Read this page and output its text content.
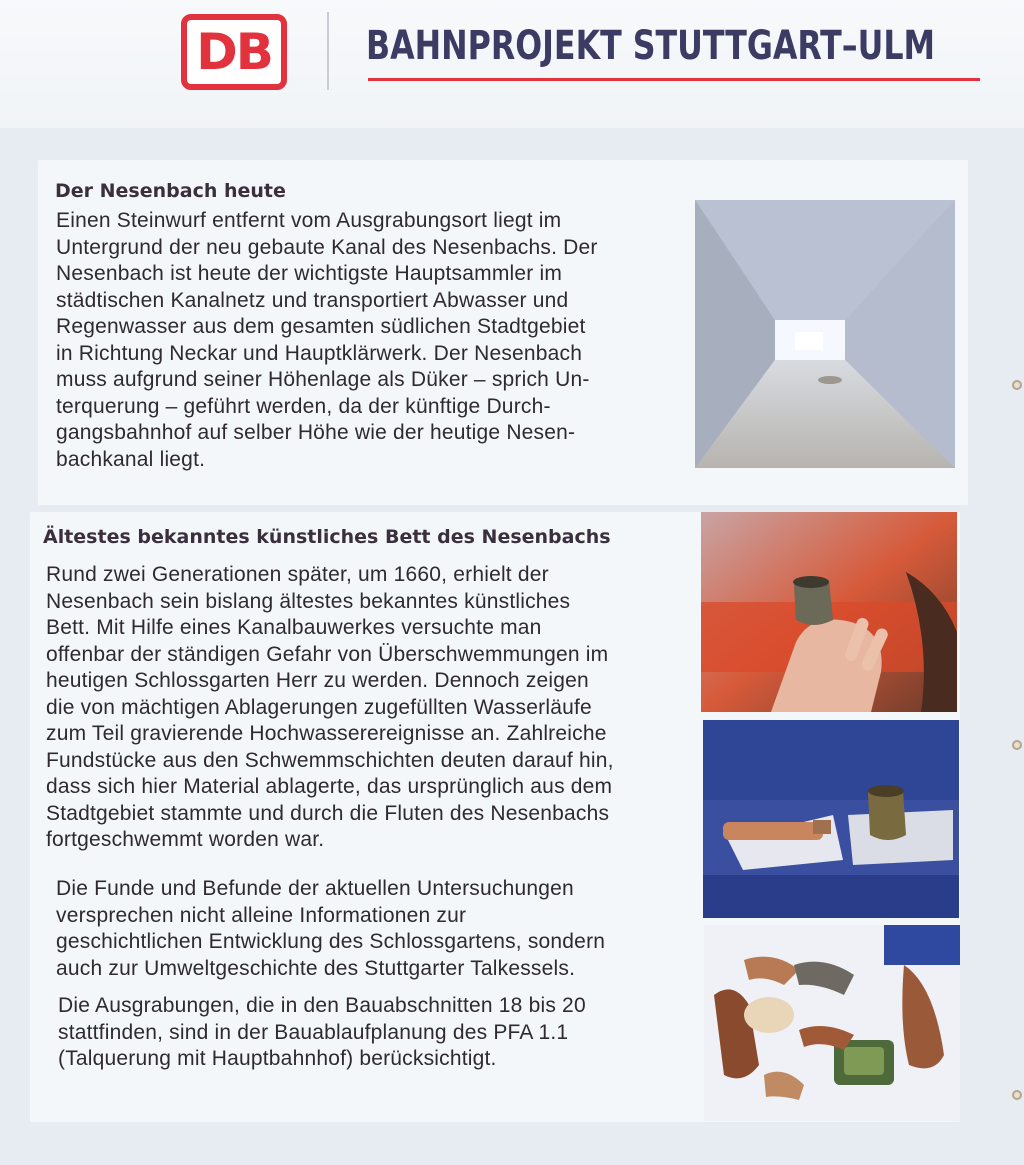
DB BAHNPROJEKT STUTTGART–ULM
Der Nesenbach heute
Einen Steinwurf entfernt vom Ausgrabungsort liegt im
Untergrund der neu gebaute Kanal des Nesenbachs. Der
Nesenbach ist heute der wichtigste Hauptsammler im
städtischen Kanalnetz und transportiert Abwasser und
Regenwasser aus dem gesamten südlichen Stadtgebiet
in Richtung Neckar und Hauptklärwerk. Der Nesenbach
muss aufgrund seiner Höhenlage als Düker – sprich Un-
terquerung – geführt werden, da der künftige Durch-
gangsbahnhof auf selber Höhe wie der heutige Nesen-
bachkanal liegt.
Ältestes bekanntes künstliches Bett des Nesenbachs
Rund zwei Generationen später, um 1660, erhielt der
Nesenbach sein bislang ältestes bekanntes künstliches
Bett. Mit Hilfe eines Kanalbauwerkes versuchte man
offenbar der ständigen Gefahr von Überschwemmungen im
heutigen Schlossgarten Herr zu werden. Dennoch zeigen
die von mächtigen Ablagerungen zugefüllten Wasserläufe
zum Teil gravierende Hochwasserereignisse an. Zahlreiche
Fundstücke aus den Schwemmschichten deuten darauf hin,
dass sich hier Material ablagerte, das ursprünglich aus dem
Stadtgebiet stammte und durch die Fluten des Nesenbachs
fortgeschwemmt worden war.
Die Funde und Befunde der aktuellen Untersuchungen
versprechen nicht alleine Informationen zur
geschichtlichen Entwicklung des Schlossgartens, sondern
auch zur Umweltgeschichte des Stuttgarter Talkessels.
Die Ausgrabungen, die in den Bauabschnitten 18 bis 20
stattfinden, sind in der Bauablaufplanung des PFA 1.1
(Talquerung mit Hauptbahnhof) berücksichtigt.
